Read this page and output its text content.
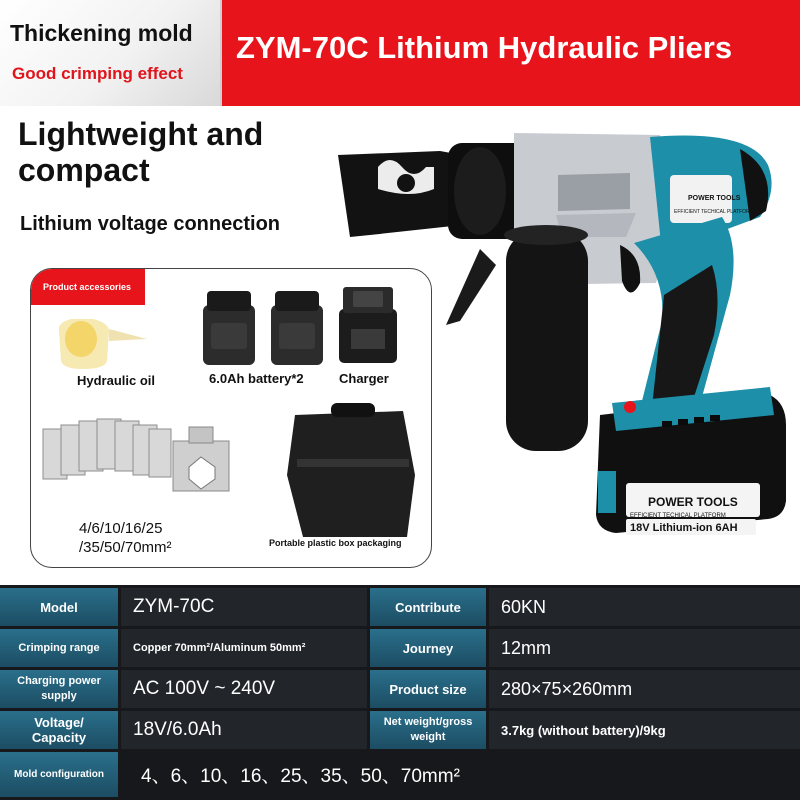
Thickening mold
Good crimping effect
ZYM-70C Lithium Hydraulic Pliers
Lightweight and
compact
Lithium voltage connection
Product accessories
Hydraulic oil	6.0Ah battery*2	Charger
4/6/10/16/25
/35/50/70mm²	Portable plastic box packaging
POWER TOOLS
EFFICIENT TECHICAL PLATFORM
POWER TOOLS
EFFICIENT TECHICAL PLATFORM
18V Lithium-ion 6AH
Model	ZYM-70C	Contribute	60KN
Crimping range	Copper 70mm²/Aluminum 50mm²	Journey	12mm
Charging power supply	AC 100V ~ 240V	Product size	280×75×260mm
Voltage/ Capacity	18V/6.0Ah	Net weight/gross weight	3.7kg (without battery)/9kg
Mold configuration	4、6、10、16、25、35、50、70mm²
